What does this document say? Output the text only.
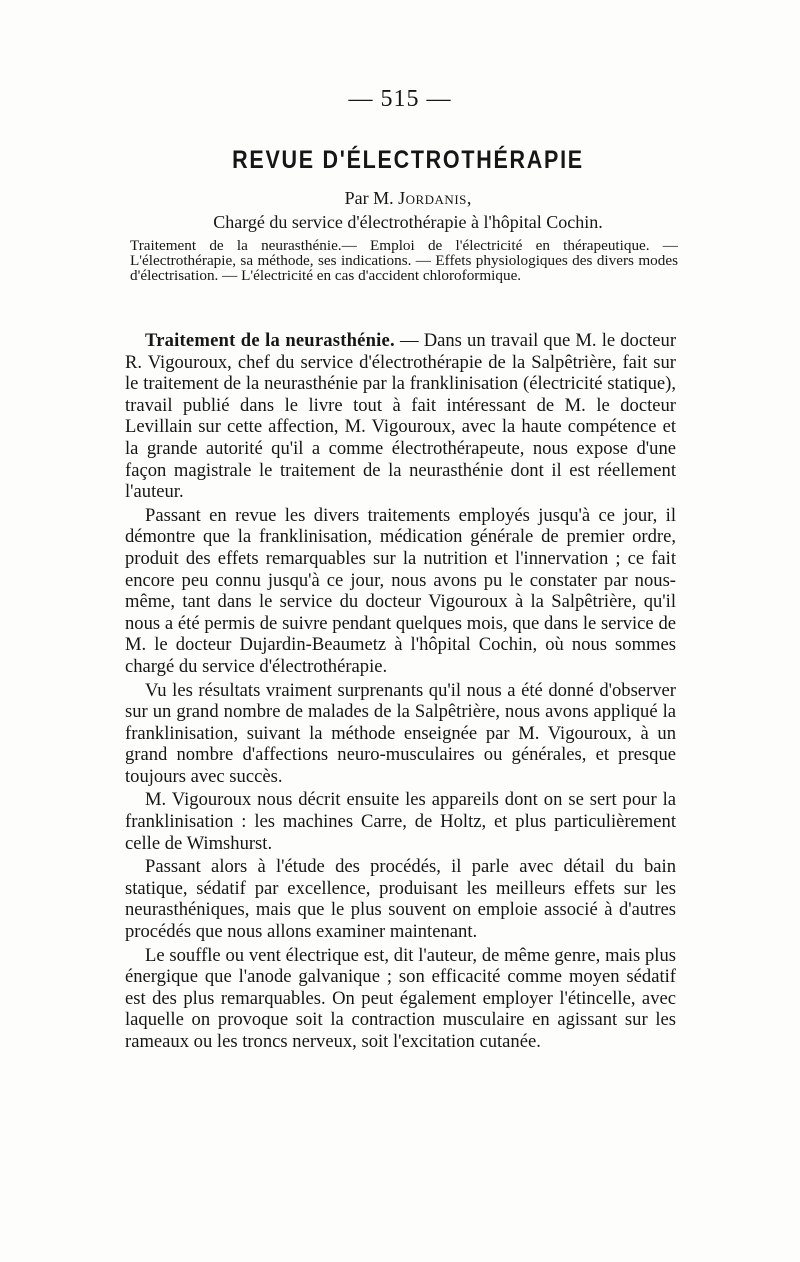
— 515 —
REVUE D'ÉLECTROTHÉRAPIE
Par M. Jordanis,
Chargé du service d'électrothérapie à l'hôpital Cochin.
Traitement de la neurasthénie.— Emploi de l'électricité en thérapeutique. — L'électrothérapie, sa méthode, ses indications. — Effets physiologiques des divers modes d'électrisation. — L'électricité en cas d'accident chloroformique.

Traitement de la neurasthénie. — Dans un travail que M. le docteur R. Vigouroux, chef du service d'électrothérapie de la Salpêtrière, fait sur le traitement de la neurasthénie par la franklinisation (électricité statique), travail publié dans le livre tout à fait intéressant de M. le docteur Levillain sur cette affection, M. Vigouroux, avec la haute compétence et la grande autorité qu'il a comme électrothérapeute, nous expose d'une façon magistrale le traitement de la neurasthénie dont il est réellement l'auteur.

Passant en revue les divers traitements employés jusqu'à ce jour, il démontre que la franklinisation, médication générale de premier ordre, produit des effets remarquables sur la nutrition et l'innervation ; ce fait encore peu connu jusqu'à ce jour, nous avons pu le constater par nous-même, tant dans le service du docteur Vigouroux à la Salpêtrière, qu'il nous a été permis de suivre pendant quelques mois, que dans le service de M. le docteur Dujardin-Beaumetz à l'hôpital Cochin, où nous sommes chargé du service d'électrothérapie.

Vu les résultats vraiment surprenants qu'il nous a été donné d'observer sur un grand nombre de malades de la Salpêtrière, nous avons appliqué la franklinisation, suivant la méthode enseignée par M. Vigouroux, à un grand nombre d'affections neuro-musculaires ou générales, et presque toujours avec succès.

M. Vigouroux nous décrit ensuite les appareils dont on se sert pour la franklinisation : les machines Carre, de Holtz, et plus particulièrement celle de Wimshurst.

Passant alors à l'étude des procédés, il parle avec détail du bain statique, sédatif par excellence, produisant les meilleurs effets sur les neurasthéniques, mais que le plus souvent on emploie associé à d'autres procédés que nous allons examiner maintenant.

Le souffle ou vent électrique est, dit l'auteur, de même genre, mais plus énergique que l'anode galvanique ; son efficacité comme moyen sédatif est des plus remarquables. On peut également employer l'étincelle, avec laquelle on provoque soit la contraction musculaire en agissant sur les rameaux ou les troncs nerveux, soit l'excitation cutanée.
